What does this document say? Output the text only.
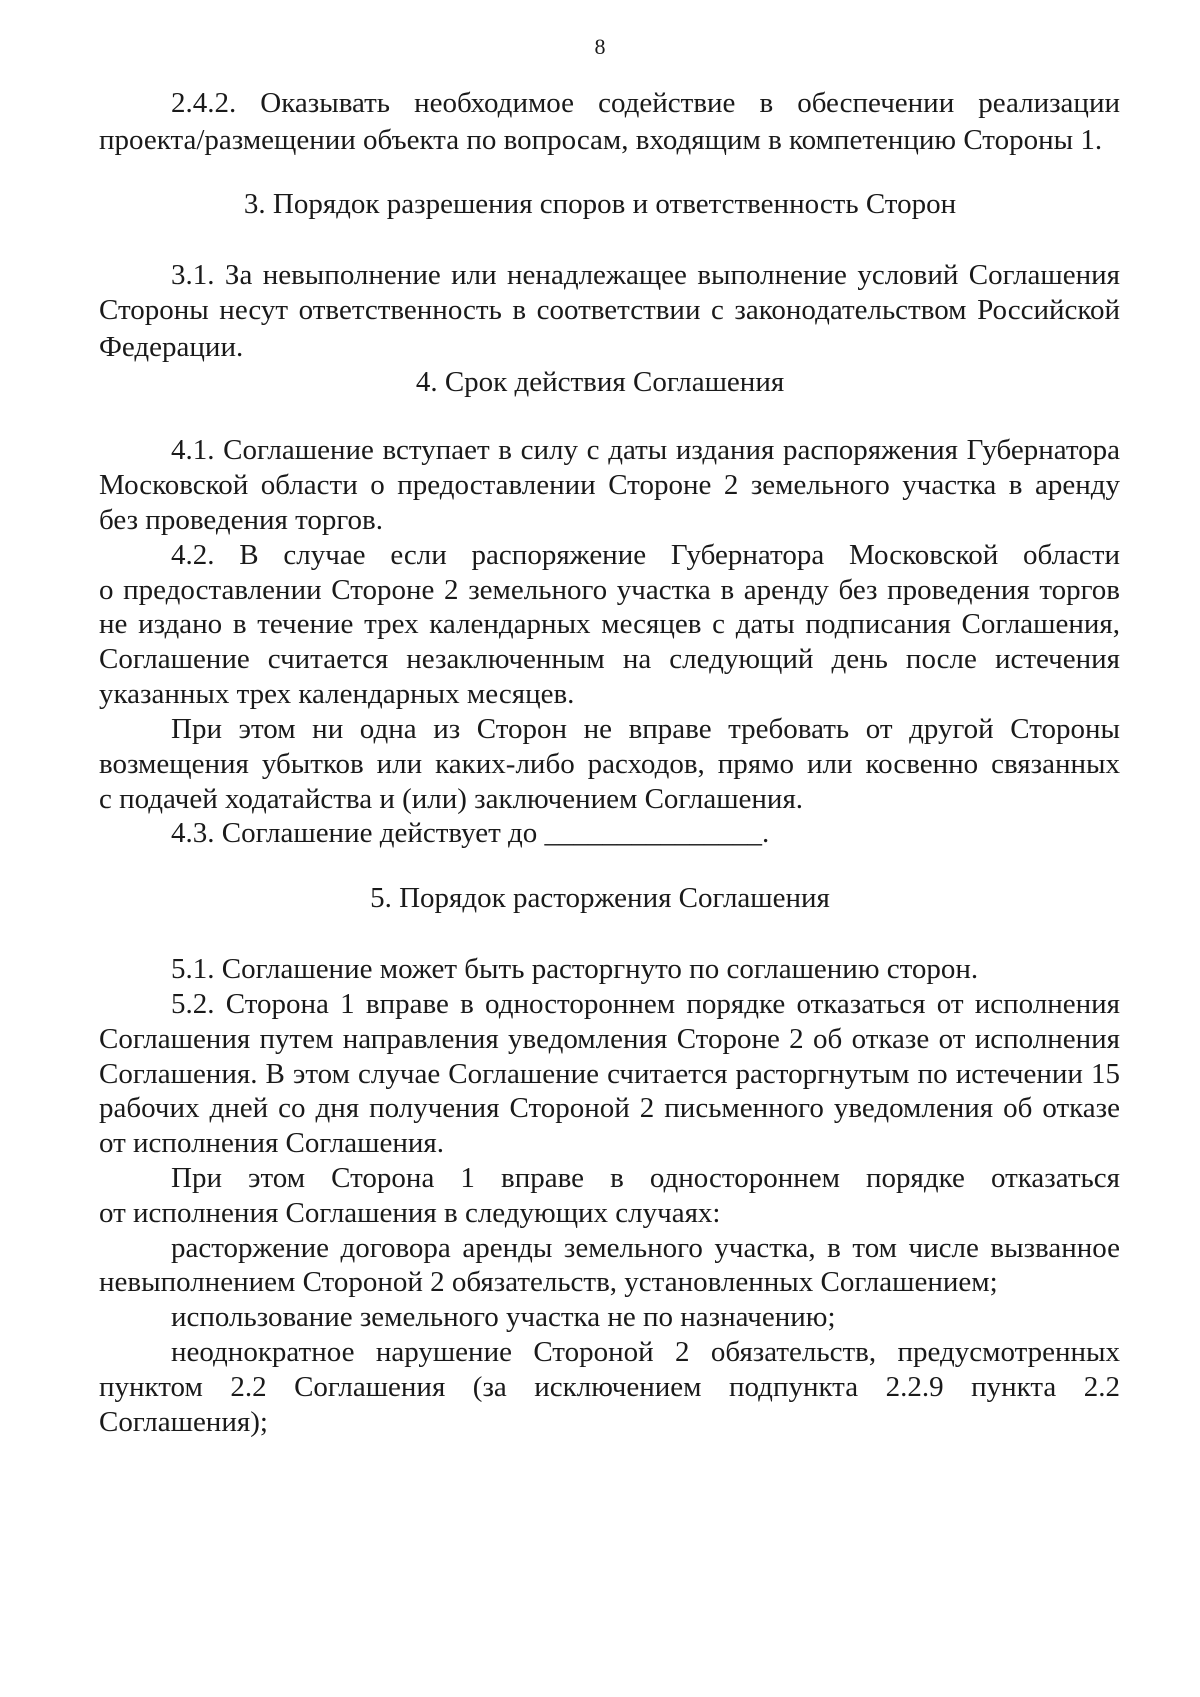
8
2.4.2. Оказывать необходимое содействие в обеспечении реализации
проекта/размещении объекта по вопросам, входящим в компетенцию Стороны 1.
3. Порядок разрешения споров и ответственность Сторон
3.1. За невыполнение или ненадлежащее выполнение условий Соглашения
Стороны несут ответственность в соответствии с законодательством Российской
Федерации.
4. Срок действия Соглашения
4.1. Соглашение вступает в силу с даты издания распоряжения Губернатора
Московской области о предоставлении Стороне 2 земельного участка в аренду
без проведения торгов.
4.2. В случае если распоряжение Губернатора Московской области
о предоставлении Стороне 2 земельного участка в аренду без проведения торгов
не издано в течение трех календарных месяцев с даты подписания Соглашения,
Соглашение считается незаключенным на следующий день после истечения
указанных трех календарных месяцев.
При этом ни одна из Сторон не вправе требовать от другой Стороны
возмещения убытков или каких-либо расходов, прямо или косвенно связанных
с подачей ходатайства и (или) заключением Соглашения.
4.3. Соглашение действует до _______________.
5. Порядок расторжения Соглашения
5.1. Соглашение может быть расторгнуто по соглашению сторон.
5.2. Сторона 1 вправе в одностороннем порядке отказаться от исполнения
Соглашения путем направления уведомления Стороне 2 об отказе от исполнения
Соглашения. В этом случае Соглашение считается расторгнутым по истечении 15
рабочих дней со дня получения Стороной 2 письменного уведомления об отказе
от исполнения Соглашения.
При этом Сторона 1 вправе в одностороннем порядке отказаться
от исполнения Соглашения в следующих случаях:
расторжение договора аренды земельного участка, в том числе вызванное
невыполнением Стороной 2 обязательств, установленных Соглашением;
использование земельного участка не по назначению;
неоднократное нарушение Стороной 2 обязательств, предусмотренных
пунктом 2.2 Соглашения (за исключением подпункта 2.2.9 пункта 2.2
Соглашения);
